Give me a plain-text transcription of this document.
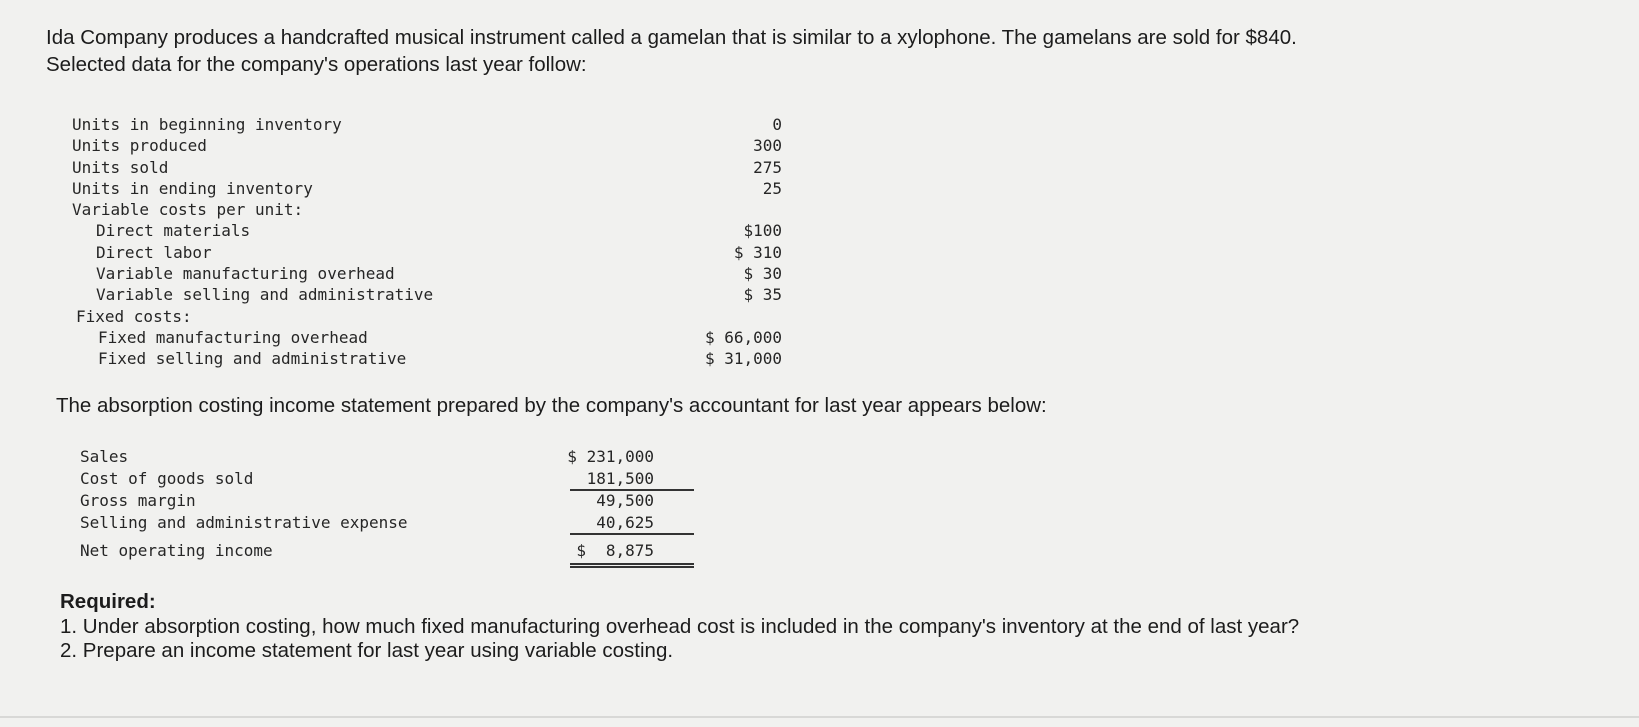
Ida Company produces a handcrafted musical instrument called a gamelan that is similar to a xylophone. The gamelans are sold for $840. Selected data for the company's operations last year follow:
Units in beginning inventory	0
Units produced	300
Units sold	275
Units in ending inventory	25
Variable costs per unit:
Direct materials	$100
Direct labor	$ 310
Variable manufacturing overhead	$ 30
Variable selling and administrative	$ 35
Fixed costs:
Fixed manufacturing overhead	$ 66,000
Fixed selling and administrative	$ 31,000
The absorption costing income statement prepared by the company's accountant for last year appears below:
Sales	$ 231,000
Cost of goods sold	181,500
Gross margin	49,500
Selling and administrative expense	40,625
Net operating income	$ 8,875
Required:
1. Under absorption costing, how much fixed manufacturing overhead cost is included in the company's inventory at the end of last year?
2. Prepare an income statement for last year using variable costing.
